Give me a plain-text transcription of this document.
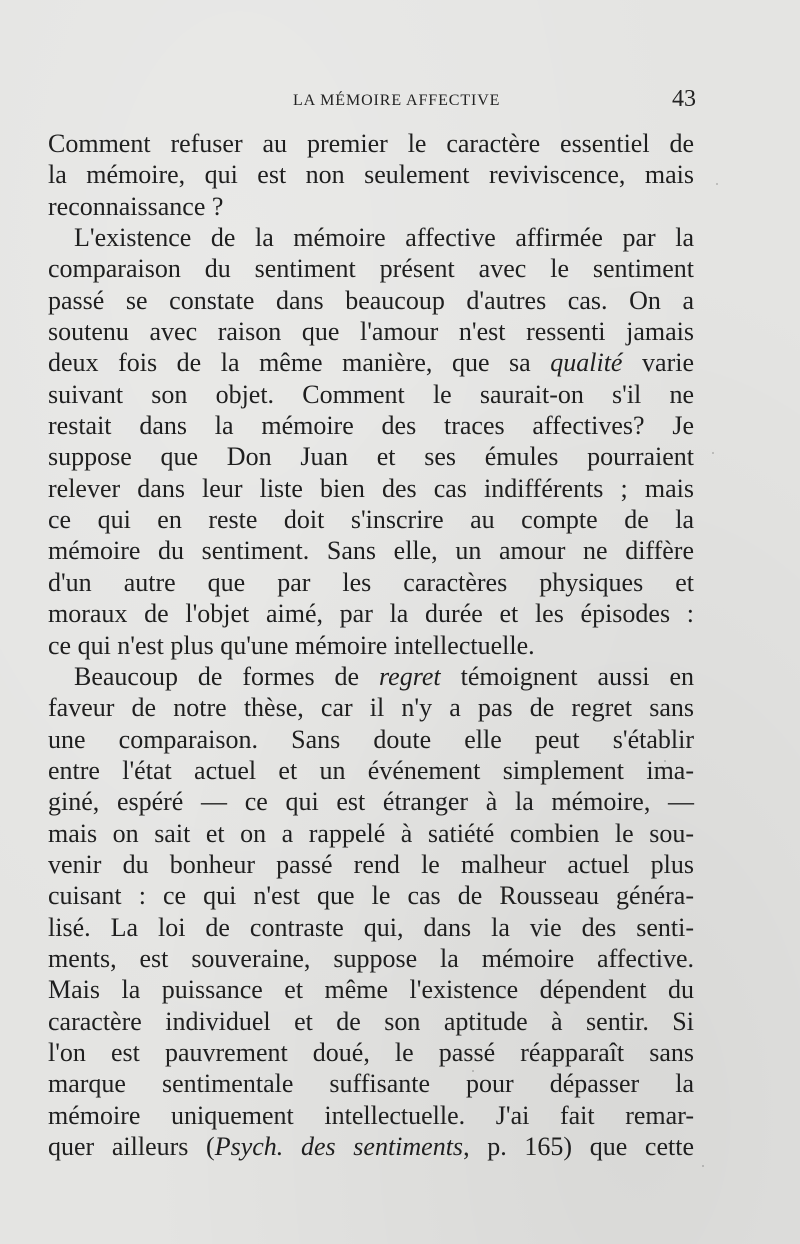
LA MÉMOIRE AFFECTIVE	43
Comment refuser au premier le caractère essentiel de
la mémoire, qui est non seulement reviviscence, mais
reconnaissance ?
L'existence de la mémoire affective affirmée par la
comparaison du sentiment présent avec le sentiment
passé se constate dans beaucoup d'autres cas. On a
soutenu avec raison que l'amour n'est ressenti jamais
deux fois de la même manière, que sa qualité varie
suivant son objet. Comment le saurait-on s'il ne
restait dans la mémoire des traces affectives? Je
suppose que Don Juan et ses émules pourraient
relever dans leur liste bien des cas indifférents ; mais
ce qui en reste doit s'inscrire au compte de la
mémoire du sentiment. Sans elle, un amour ne diffère
d'un autre que par les caractères physiques et
moraux de l'objet aimé, par la durée et les épisodes :
ce qui n'est plus qu'une mémoire intellectuelle.
Beaucoup de formes de regret témoignent aussi en
faveur de notre thèse, car il n'y a pas de regret sans
une comparaison. Sans doute elle peut s'établir
entre l'état actuel et un événement simplement ima-
giné, espéré — ce qui est étranger à la mémoire, —
mais on sait et on a rappelé à satiété combien le sou-
venir du bonheur passé rend le malheur actuel plus
cuisant : ce qui n'est que le cas de Rousseau généra-
lisé. La loi de contraste qui, dans la vie des senti-
ments, est souveraine, suppose la mémoire affective.
Mais la puissance et même l'existence dépendent du
caractère individuel et de son aptitude à sentir. Si
l'on est pauvrement doué, le passé réapparaît sans
marque sentimentale suffisante pour dépasser la
mémoire uniquement intellectuelle. J'ai fait remar-
quer ailleurs (Psych. des sentiments, p. 165) que cette
